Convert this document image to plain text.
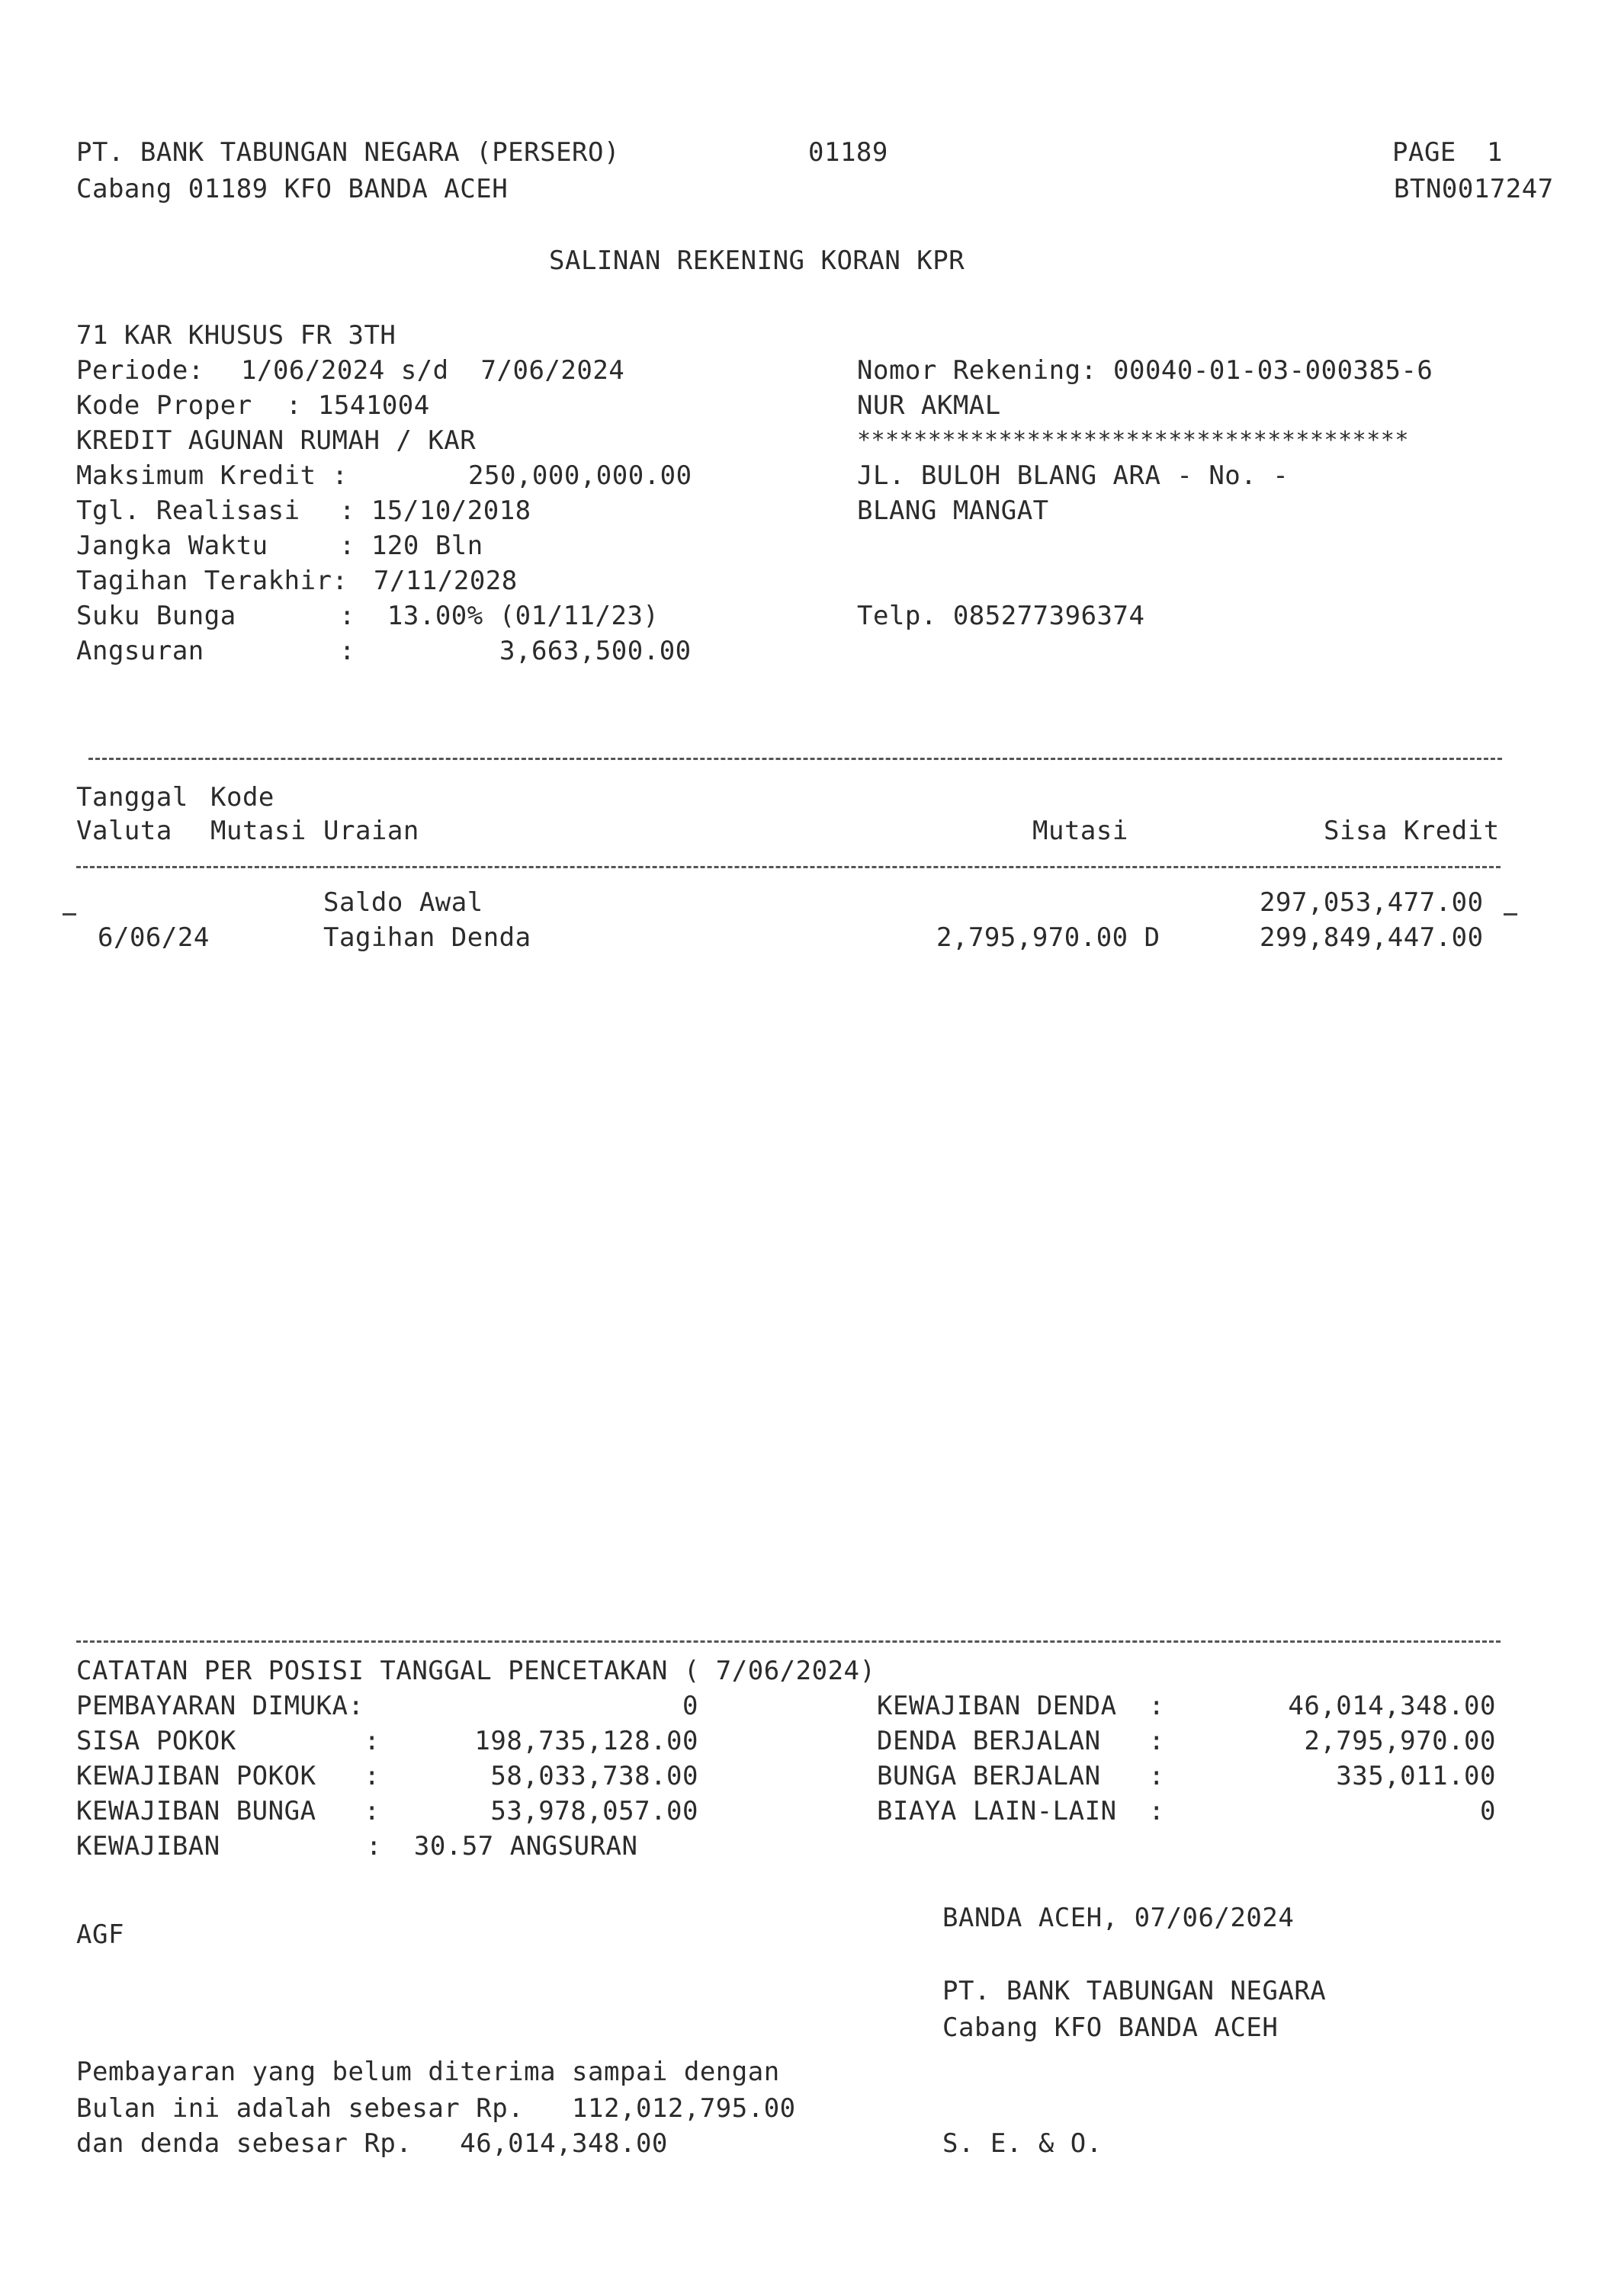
PT. BANK TABUNGAN NEGARA (PERSERO)	01189	PAGE 1
Cabang 01189 KFO BANDA ACEH	BTN0017247
SALINAN REKENING KORAN KPR
71 KAR KHUSUS FR 3TH
Periode: 1/06/2024 s/d  7/06/2024
Kode Proper : 1541004
KREDIT AGUNAN RUMAH / KAR
Maksimum Kredit :	250,000,000.00
Tgl. Realisasi : 15/10/2018
Jangka Waktu	: 120 Bln
Tagihan Terakhir: 7/11/2028
Suku Bunga	:  13.00% (01/11/23)
Angsuran	:	3,663,500.00
Nomor Rekening: 00040-01-03-000385-6
NUR AKMAL
***************************************
JL. BULOH BLANG ARA - No. -
BLANG MANGAT
Telp. 085277396374
Tanggal Kode
Valuta Mutasi Uraian	Mutasi	Sisa Kredit
Saldo Awal	297,053,477.00
6/06/24	Tagihan Denda	2,795,970.00 D	299,849,447.00
CATATAN PER POSISI TANGGAL PENCETAKAN ( 7/06/2024)
PEMBAYARAN DIMUKA:	0
SISA POKOK        :	198,735,128.00
KEWAJIBAN POKOK   :	58,033,738.00
KEWAJIBAN BUNGA   :	53,978,057.00
KEWAJIBAN	:  30.57 ANGSURAN
KEWAJIBAN DENDA  :	46,014,348.00
DENDA BERJALAN   :	2,795,970.00
BUNGA BERJALAN   :	335,011.00
BIAYA LAIN-LAIN  :	0
AGF
BANDA ACEH, 07/06/2024
PT. BANK TABUNGAN NEGARA
Cabang KFO BANDA ACEH
Pembayaran yang belum diterima sampai dengan
Bulan ini adalah sebesar Rp.   112,012,795.00
dan denda sebesar Rp.   46,014,348.00	S. E. & O.
